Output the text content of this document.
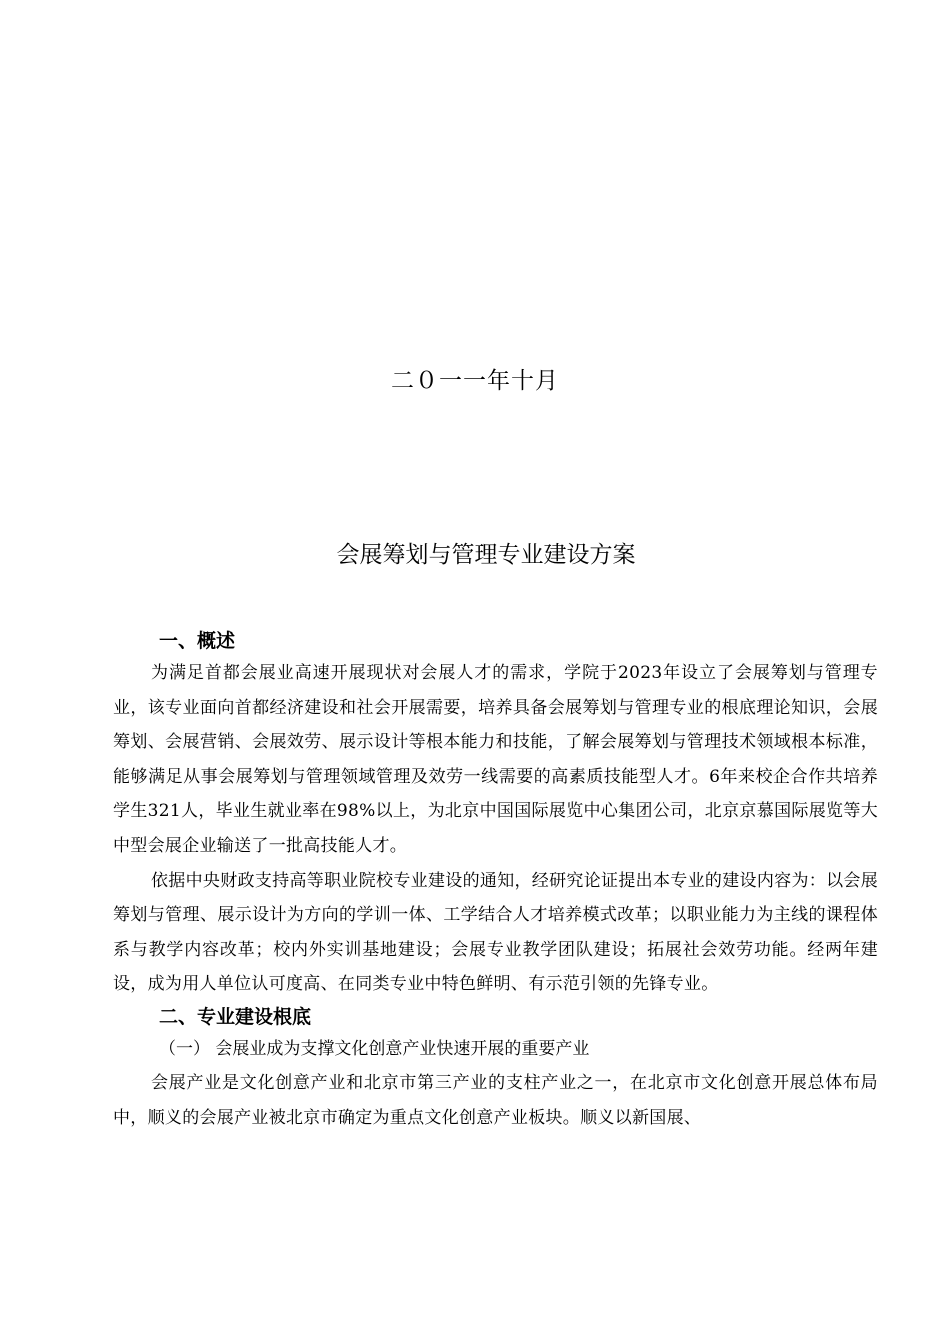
二０一一年十月
会展筹划与管理专业建设方案
一、概述

为满足首都会展业高速开展现状对会展人才的需求，学院于2023年设立了会展筹划与管理专业，该专业面向首都经济建设和社会开展需要，培养具备会展筹划与管理专业的根底理论知识，会展筹划、会展营销、会展效劳、展示设计等根本能力和技能，了解会展筹划与管理技术领域根本标准，能够满足从事会展筹划与管理领域管理及效劳一线需要的高素质技能型人才。6年来校企合作共培养学生321人，毕业生就业率在98%以上，为北京中国国际展览中心集团公司，北京京慕国际展览等大中型会展企业输送了一批高技能人才。

依据中央财政支持高等职业院校专业建设的通知，经研究论证提出本专业的建设内容为：以会展筹划与管理、展示设计为方向的学训一体、工学结合人才培养模式改革；以职业能力为主线的课程体系与教学内容改革；校内外实训基地建设；会展专业教学团队建设；拓展社会效劳功能。经两年建设，成为用人单位认可度高、在同类专业中特色鲜明、有示范引领的先锋专业。

二、专业建设根底

（一） 会展业成为支撑文化创意产业快速开展的重要产业

会展产业是文化创意产业和北京市第三产业的支柱产业之一，在北京市文化创意开展总体布局中，顺义的会展产业被北京市确定为重点文化创意产业板块。顺义以新国展、
